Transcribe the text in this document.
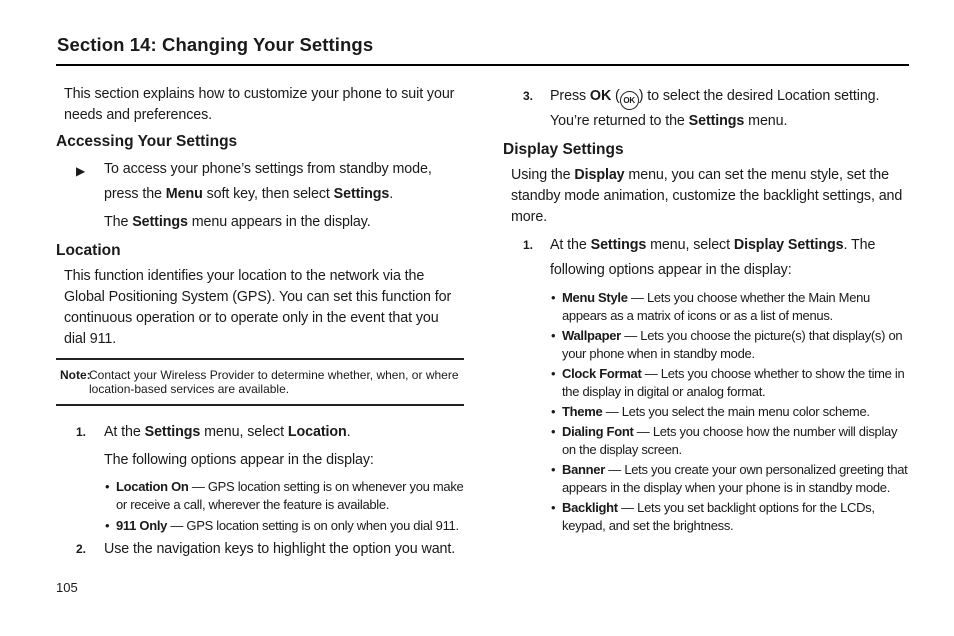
Section 14: Changing Your Settings

This section explains how to customize your phone to suit your needs and preferences.

Accessing Your Settings
▶ To access your phone’s settings from standby mode, press the Menu soft key, then select Settings.

The Settings menu appears in the display.

Location

This function identifies your location to the network via the Global Positioning System (GPS). You can set this function for continuous operation or to operate only in the event that you dial 911.

Note:
Contact your Wireless Provider to determine whether, when, or where location-based services are available.
1. At the Settings menu, select Location.

The following options appear in the display:

• Location On — GPS location setting is on whenever you make or receive a call, wherever the feature is available.
• 911 Only — GPS location setting is on only when you dial 911.
2. Use the navigation keys to highlight the option you want.
3. Press OK ( OK ) to select the desired Location setting.

You’re returned to the Settings menu.

Display Settings

Using the Display menu, you can set the menu style, set the standby mode animation, customize the backlight settings, and more.

1. At the Settings menu, select Display Settings. The following options appear in the display:
• Menu Style — Lets you choose whether the Main Menu appears as a matrix of icons or as a list of menus.
• Wallpaper — Lets you choose the picture(s) that display(s) on your phone when in standby mode.
• Clock Format — Lets you choose whether to show the time in the display in digital or analog format.
• Theme — Lets you select the main menu color scheme.
• Dialing Font — Lets you choose how the number will display on the display screen.
• Banner — Lets you create your own personalized greeting that appears in the display when your phone is in standby mode.
• Backlight — Lets you set backlight options for the LCDs, keypad, and set the brightness.
105
